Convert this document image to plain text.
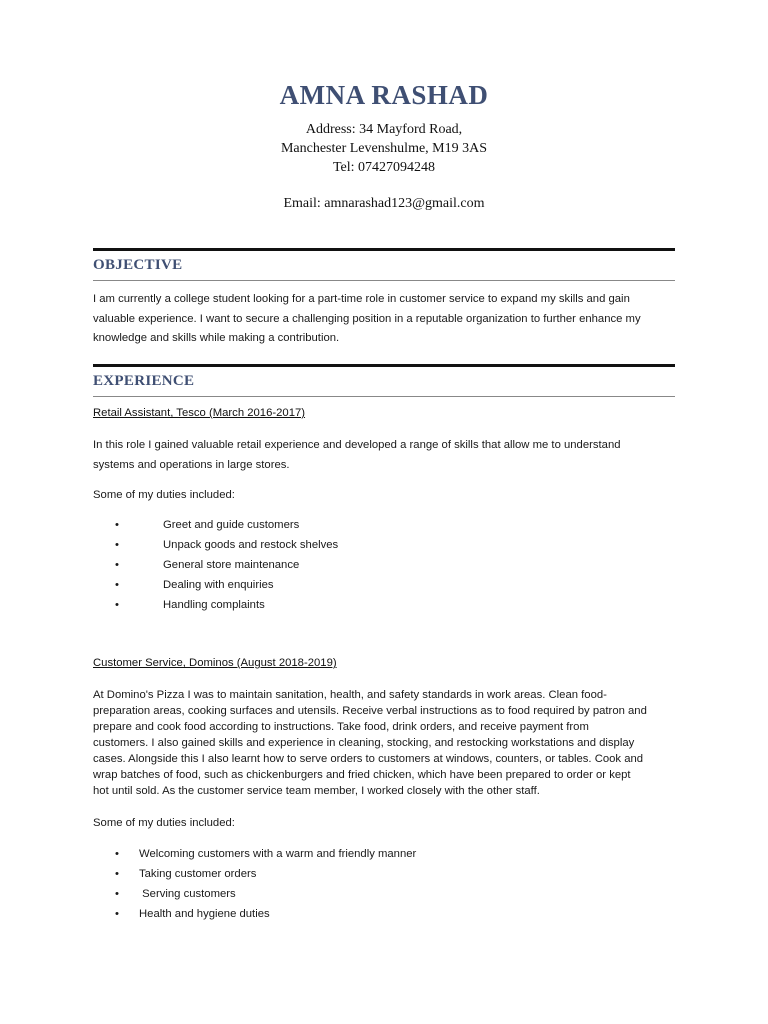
AMNA RASHAD
Address: 34 Mayford Road,
Manchester Levenshulme, M19 3AS
Tel: 07427094248
Email: amnarashad123@gmail.com
OBJECTIVE
I am currently a college student looking for a part-time role in customer service to expand my skills and gain
valuable experience. I want to secure a challenging position in a reputable organization to further enhance my
knowledge and skills while making a contribution.
EXPERIENCE
Retail Assistant, Tesco (March 2016-2017)
In this role I gained valuable retail experience and developed a range of skills that allow me to understand
systems and operations in large stores.
Some of my duties included:
•	Greet and guide customers
•	Unpack goods and restock shelves
•	General store maintenance
•	Dealing with enquiries
•	Handling complaints
Customer Service, Dominos (August 2018-2019)
At Domino's Pizza I was to maintain sanitation, health, and safety standards in work areas. Clean food-
preparation areas, cooking surfaces and utensils. Receive verbal instructions as to food required by patron and
prepare and cook food according to instructions. Take food, drink orders, and receive payment from
customers. I also gained skills and experience in cleaning, stocking, and restocking workstations and display
cases. Alongside this I also learnt how to serve orders to customers at windows, counters, or tables. Cook and
wrap batches of food, such as chickenburgers and fried chicken, which have been prepared to order or kept
hot until sold. As the customer service team member, I worked closely with the other staff.
Some of my duties included:
• Welcoming customers with a warm and friendly manner
• Taking customer orders
• Serving customers
• Health and hygiene duties
